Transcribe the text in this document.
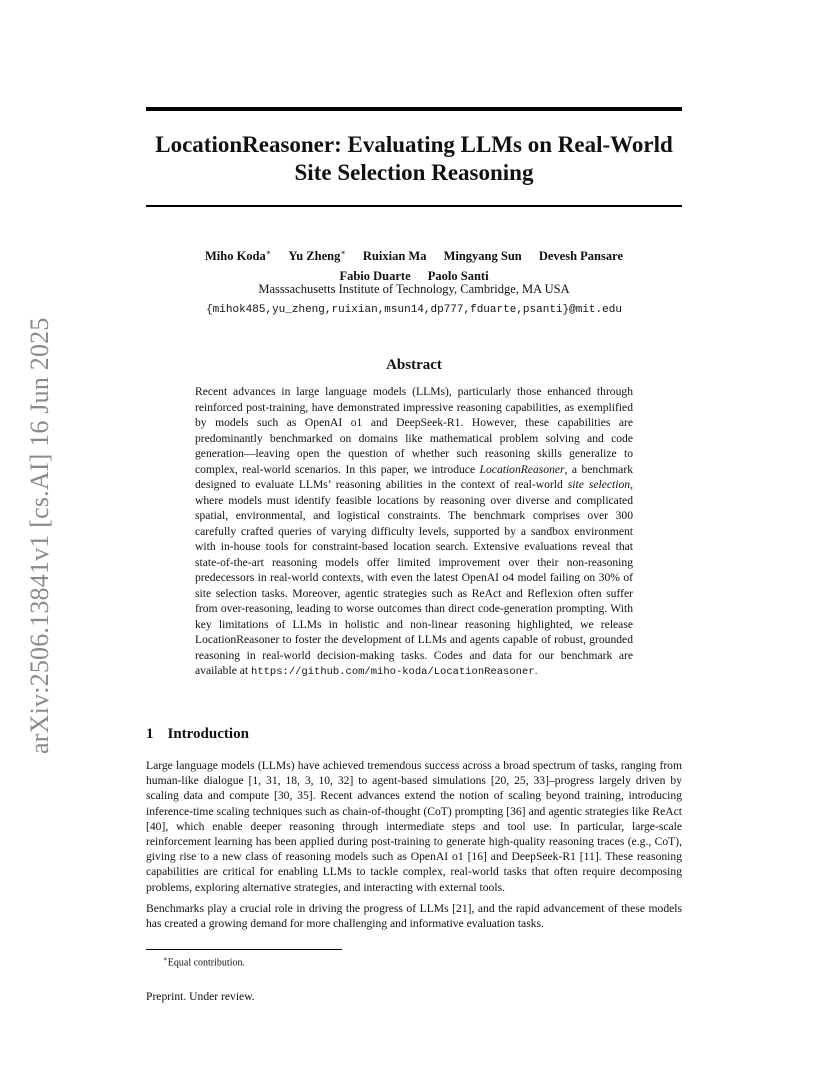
arXiv:2506.13841v1 [cs.AI] 16 Jun 2025
LocationReasoner: Evaluating LLMs on Real-World
Site Selection Reasoning
Miho Koda∗ Yu Zheng∗ Ruixian Ma Mingyang Sun Devesh Pansare
Fabio Duarte Paolo Santi
Masssachusetts Institute of Technology, Cambridge, MA USA
{mihok485,yu_zheng,ruixian,msun14,dp777,fduarte,psanti}@mit.edu
Abstract
Recent advances in large language models (LLMs), particularly those enhanced through reinforced post-training, have demonstrated impressive reasoning capabilities, as exemplified by models such as OpenAI o1 and DeepSeek-R1. However, these capabilities are predominantly benchmarked on domains like mathematical problem solving and code generation—leaving open the question of whether such reasoning skills generalize to complex, real-world scenarios. In this paper, we introduce LocationReasoner, a benchmark designed to evaluate LLMs’ reasoning abilities in the context of real-world site selection, where models must identify feasible locations by reasoning over diverse and complicated spatial, environmental, and logistical constraints. The benchmark comprises over 300 carefully crafted queries of varying difficulty levels, supported by a sandbox environment with in-house tools for constraint-based location search. Extensive evaluations reveal that state-of-the-art reasoning models offer limited improvement over their non-reasoning predecessors in real-world contexts, with even the latest OpenAI o4 model failing on 30% of site selection tasks. Moreover, agentic strategies such as ReAct and Reflexion often suffer from over-reasoning, leading to worse outcomes than direct code-generation prompting. With key limitations of LLMs in holistic and non-linear reasoning highlighted, we release LocationReasoner to foster the development of LLMs and agents capable of robust, grounded reasoning in real-world decision-making tasks. Codes and data for our benchmark are available at https://github.com/miho-koda/LocationReasoner.
1 Introduction

Large language models (LLMs) have achieved tremendous success across a broad spectrum of tasks, ranging from human-like dialogue [1, 31, 18, 3, 10, 32] to agent-based simulations [20, 25, 33]–progress largely driven by scaling data and compute [30, 35]. Recent advances extend the notion of scaling beyond training, introducing inference-time scaling techniques such as chain-of-thought (CoT) prompting [36] and agentic strategies like ReAct [40], which enable deeper reasoning through intermediate steps and tool use. In particular, large-scale reinforcement learning has been applied during post-training to generate high-quality reasoning traces (e.g., CoT), giving rise to a new class of reasoning models such as OpenAI o1 [16] and DeepSeek-R1 [11]. These reasoning capabilities are critical for enabling LLMs to tackle complex, real-world tasks that often require decomposing problems, exploring alternative strategies, and interacting with external tools.

Benchmarks play a crucial role in driving the progress of LLMs [21], and the rapid advancement of these models has created a growing demand for more challenging and informative evaluation tasks.

∗Equal contribution.
Preprint. Under review.
